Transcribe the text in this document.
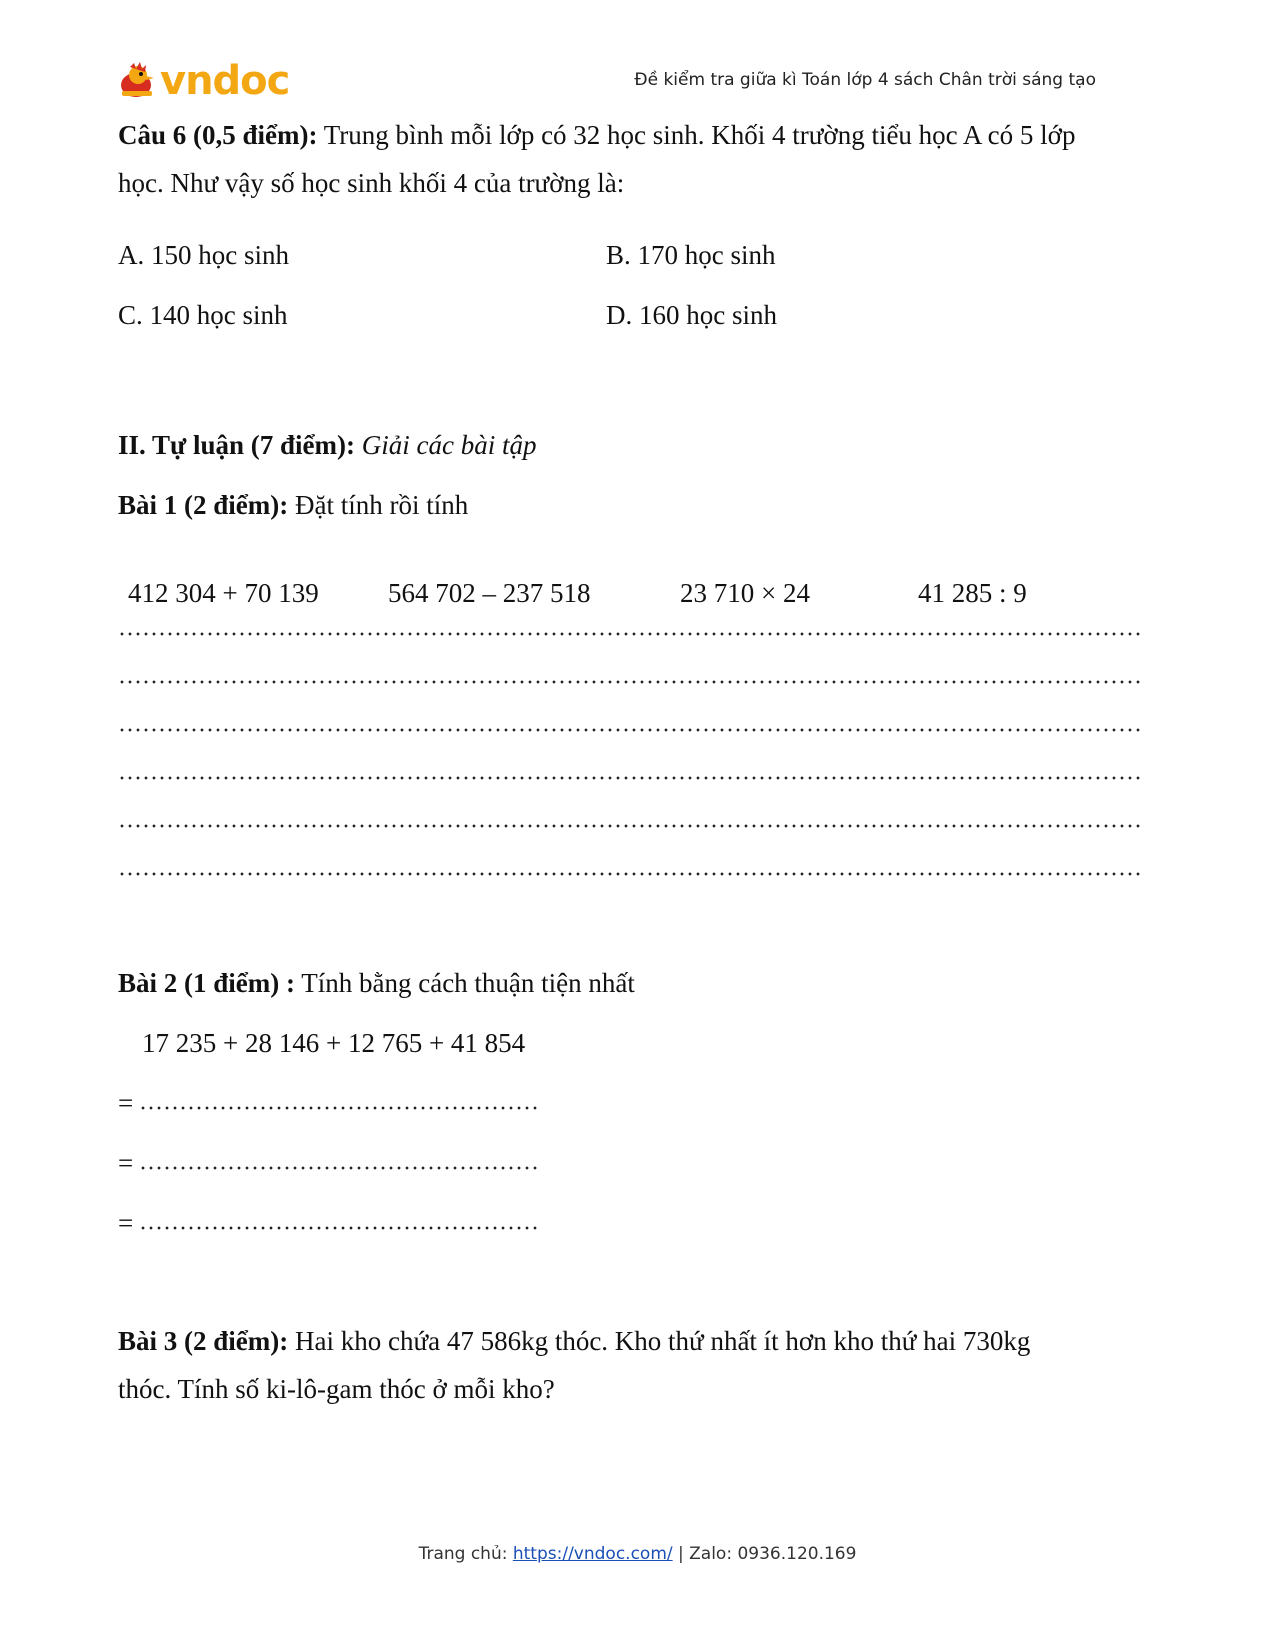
vndoc	Đề kiểm tra giữa kì Toán lớp 4 sách Chân trời sáng tạo
Câu 6 (0,5 điểm): Trung bình mỗi lớp có 32 học sinh. Khối 4 trường tiểu học A có 5 lớp
học. Như vậy số học sinh khối 4 của trường là:
A. 150 học sinh	B. 170 học sinh
C. 140 học sinh	D. 160 học sinh
II. Tự luận (7 điểm): Giải các bài tập
Bài 1 (2 điểm): Đặt tính rồi tính
412 304 + 70 139	564 702 – 237 518	23 710 × 24	41 285 : 9
Bài 2 (1 điểm) : Tính bằng cách thuận tiện nhất
17 235 + 28 146 + 12 765 + 41 854
=
=
=
Bài 3 (2 điểm): Hai kho chứa 47 586kg thóc. Kho thứ nhất ít hơn kho thứ hai 730kg
thóc. Tính số ki-lô-gam thóc ở mỗi kho?
Trang chủ: https://vndoc.com/ | Zalo: 0936.120.169
